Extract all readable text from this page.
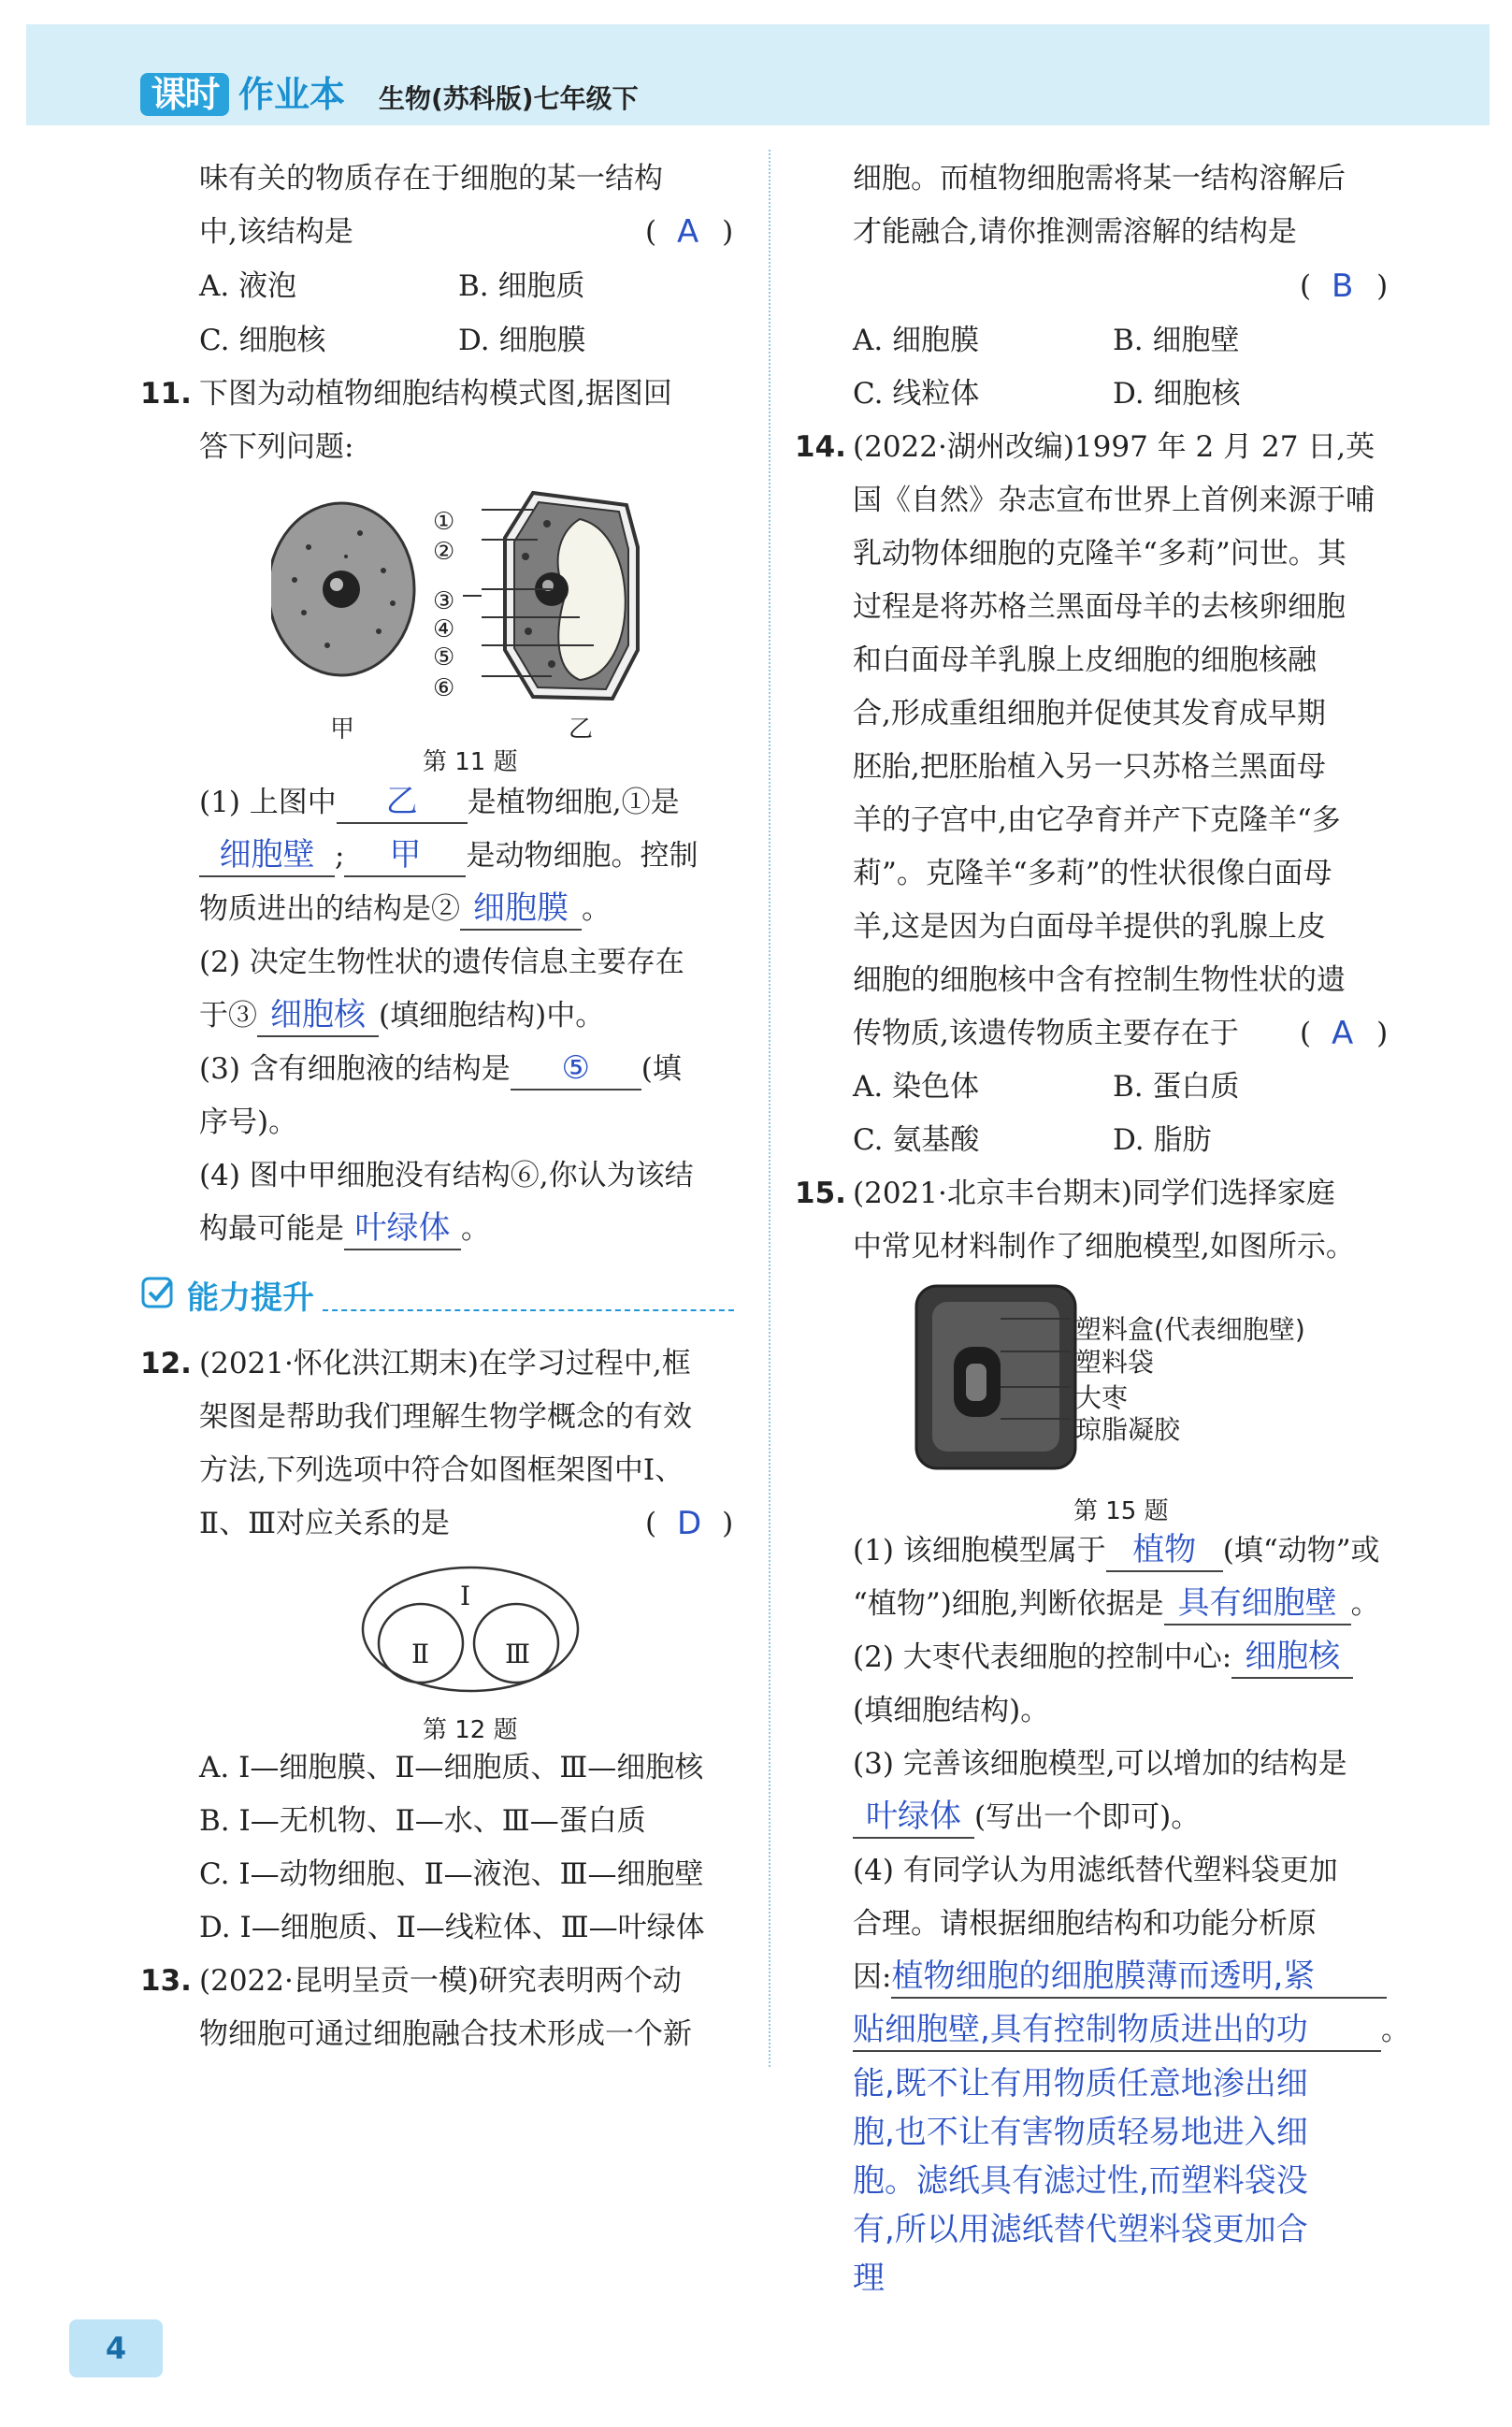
课时 作业本 生物(苏科版)七年级下
味有关的物质存在于细胞的某一结构
中,该结构是	( )
A
A. 液泡	B. 细胞质
C. 细胞核	D. 细胞膜
11. 下图为动植物细胞结构模式图,据图回
答下列问题:
①
②
③
④
⑤
⑥
甲	乙
第 11 题
(1) 上图中 乙 是植物细胞,①是
细胞壁 ; 甲 是动物细胞。控制
物质进出的结构是② 细胞膜 。
(2) 决定生物性状的遗传信息主要存在
于③ 细胞核 (填细胞结构)中。
(3) 含有细胞液的结构是 ⑤ (填
序号)。
(4) 图中甲细胞没有结构⑥,你认为该结
构最可能是 叶绿体 。
能力提升
12. (2021·怀化洪江期末)在学习过程中,框
架图是帮助我们理解生物学概念的有效
方法,下列选项中符合如图框架图中Ⅰ、
Ⅱ、Ⅲ对应关系的是	( )
D
Ⅰ
Ⅱ	Ⅲ
第 12 题
A. Ⅰ—细胞膜、Ⅱ—细胞质、Ⅲ—细胞核
B. Ⅰ—无机物、Ⅱ—水、Ⅲ—蛋白质
C. Ⅰ—动物细胞、Ⅱ—液泡、Ⅲ—细胞壁
D. Ⅰ—细胞质、Ⅱ—线粒体、Ⅲ—叶绿体
13. (2022·昆明呈贡一模)研究表明两个动
物细胞可通过细胞融合技术形成一个新
细胞。而植物细胞需将某一结构溶解后
才能融合,请你推测需溶解的结构是
( )
B
A. 细胞膜	B. 细胞壁
C. 线粒体	D. 细胞核
14. (2022·湖州改编)1997 年 2 月 27 日,英
国《自然》杂志宣布世界上首例来源于哺
乳动物体细胞的克隆羊“多莉”问世。其
过程是将苏格兰黑面母羊的去核卵细胞
和白面母羊乳腺上皮细胞的细胞核融
合,形成重组细胞并促使其发育成早期
胚胎,把胚胎植入另一只苏格兰黑面母
羊的子宫中,由它孕育并产下克隆羊“多
莉”。克隆羊“多莉”的性状很像白面母
羊,这是因为白面母羊提供的乳腺上皮
细胞的细胞核中含有控制生物性状的遗
传物质,该遗传物质主要存在于 ( )
A
A. 染色体	B. 蛋白质
C. 氨基酸	D. 脂肪
15. (2021·北京丰台期末)同学们选择家庭
中常见材料制作了细胞模型,如图所示。
塑料盒(代表细胞壁)
塑料袋
大枣
琼脂凝胶
第 15 题
(1) 该细胞模型属于 植物 (填“动物”或
“植物”)细胞,判断依据是 具有细胞壁 。
(2) 大枣代表细胞的控制中心: 细胞核
(填细胞结构)。
(3) 完善该细胞模型,可以增加的结构是
叶绿体 (写出一个即可)。
(4) 有同学认为用滤纸替代塑料袋更加
合理。请根据细胞结构和功能分析原
因:植物细胞的细胞膜薄而透明,紧
贴细胞壁,具有控制物质进出的功	。
能,既不让有用物质任意地渗出细
胞,也不让有害物质轻易地进入细
胞。滤纸具有滤过性,而塑料袋没
有,所以用滤纸替代塑料袋更加合
理
4
